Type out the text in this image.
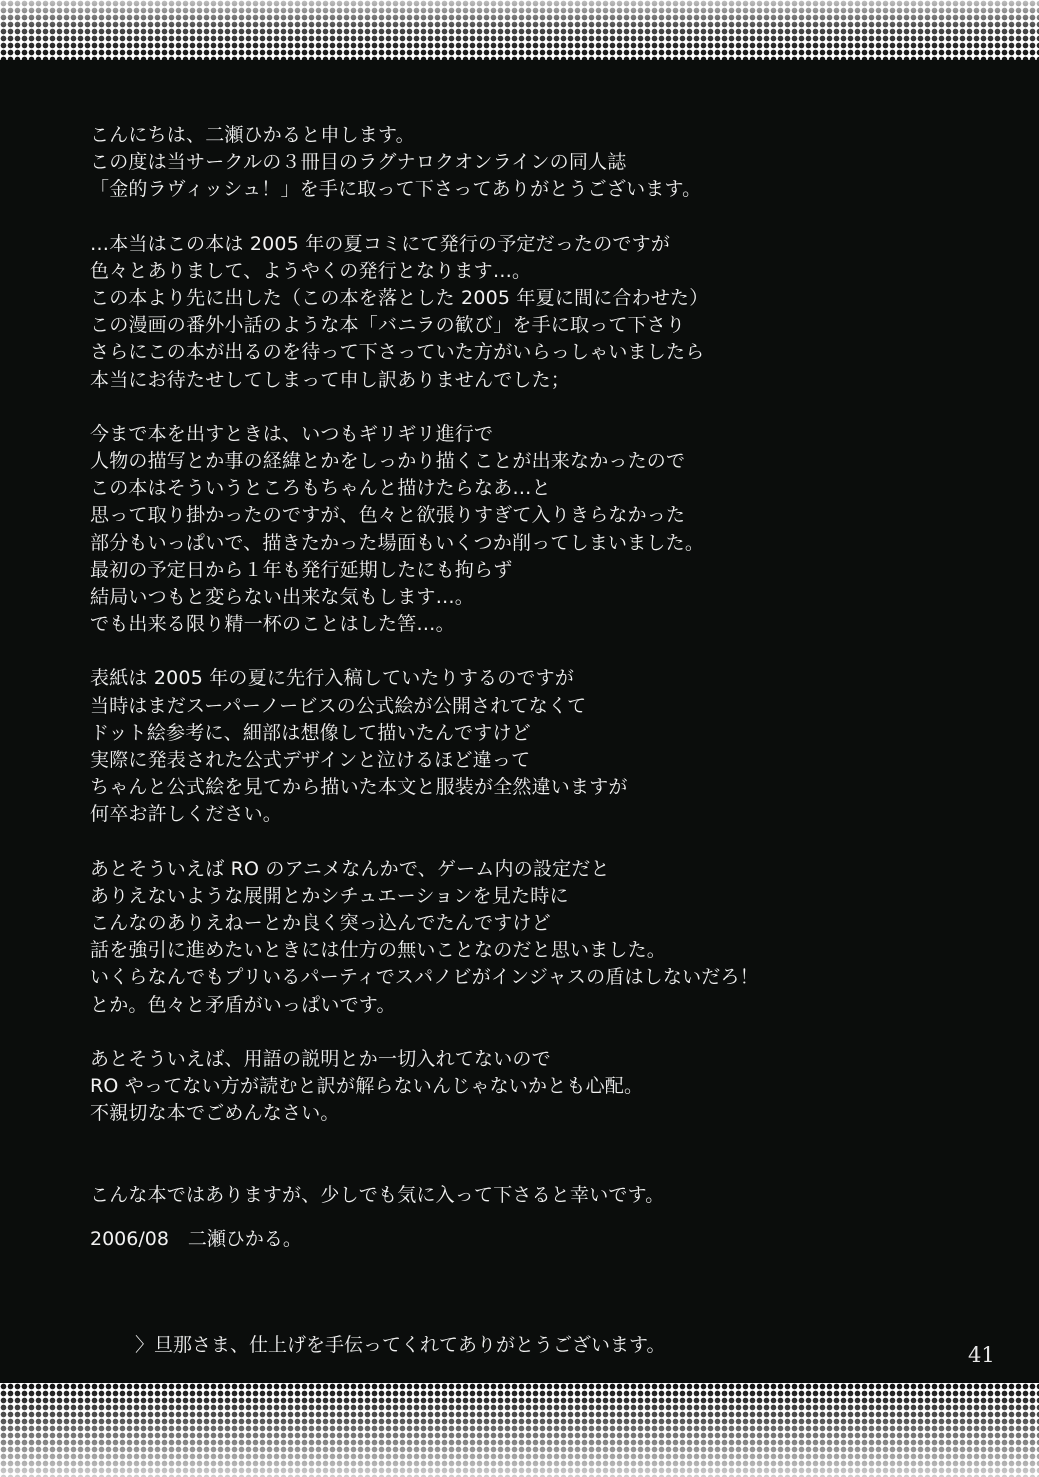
こんにちは、二瀬ひかると申します。
この度は当サークルの３冊目のラグナロクオンラインの同人誌
「金的ラヴィッシュ！」を手に取って下さってありがとうございます。
…本当はこの本は 2005 年の夏コミにて発行の予定だったのですが
色々とありまして、ようやくの発行となります…。
この本より先に出した（この本を落とした 2005 年夏に間に合わせた）
この漫画の番外小話のような本「バニラの歓び」を手に取って下さり
さらにこの本が出るのを待って下さっていた方がいらっしゃいましたら
本当にお待たせしてしまって申し訳ありませんでした；
今まで本を出すときは、いつもギリギリ進行で
人物の描写とか事の経緯とかをしっかり描くことが出来なかったので
この本はそういうところもちゃんと描けたらなあ…と
思って取り掛かったのですが、色々と欲張りすぎて入りきらなかった
部分もいっぱいで、描きたかった場面もいくつか削ってしまいました。
最初の予定日から１年も発行延期したにも拘らず
結局いつもと変らない出来な気もします…。
でも出来る限り精一杯のことはした筈…。
表紙は 2005 年の夏に先行入稿していたりするのですが
当時はまだスーパーノービスの公式絵が公開されてなくて
ドット絵参考に、細部は想像して描いたんですけど
実際に発表された公式デザインと泣けるほど違って
ちゃんと公式絵を見てから描いた本文と服装が全然違いますが
何卒お許しください。
あとそういえば RO のアニメなんかで、ゲーム内の設定だと
ありえないような展開とかシチュエーションを見た時に
こんなのありえねーとか良く突っ込んでたんですけど
話を強引に進めたいときには仕方の無いことなのだと思いました。
いくらなんでもプリいるパーティでスパノビがインジャスの盾はしないだろ！
とか。色々と矛盾がいっぱいです。
あとそういえば、用語の説明とか一切入れてないので
RO やってない方が読むと訳が解らないんじゃないかとも心配。
不親切な本でごめんなさい。
こんな本ではありますが、少しでも気に入って下さると幸いです。
2006/08　二瀬ひかる。
〉旦那さま、仕上げを手伝ってくれてありがとうございます。	41
